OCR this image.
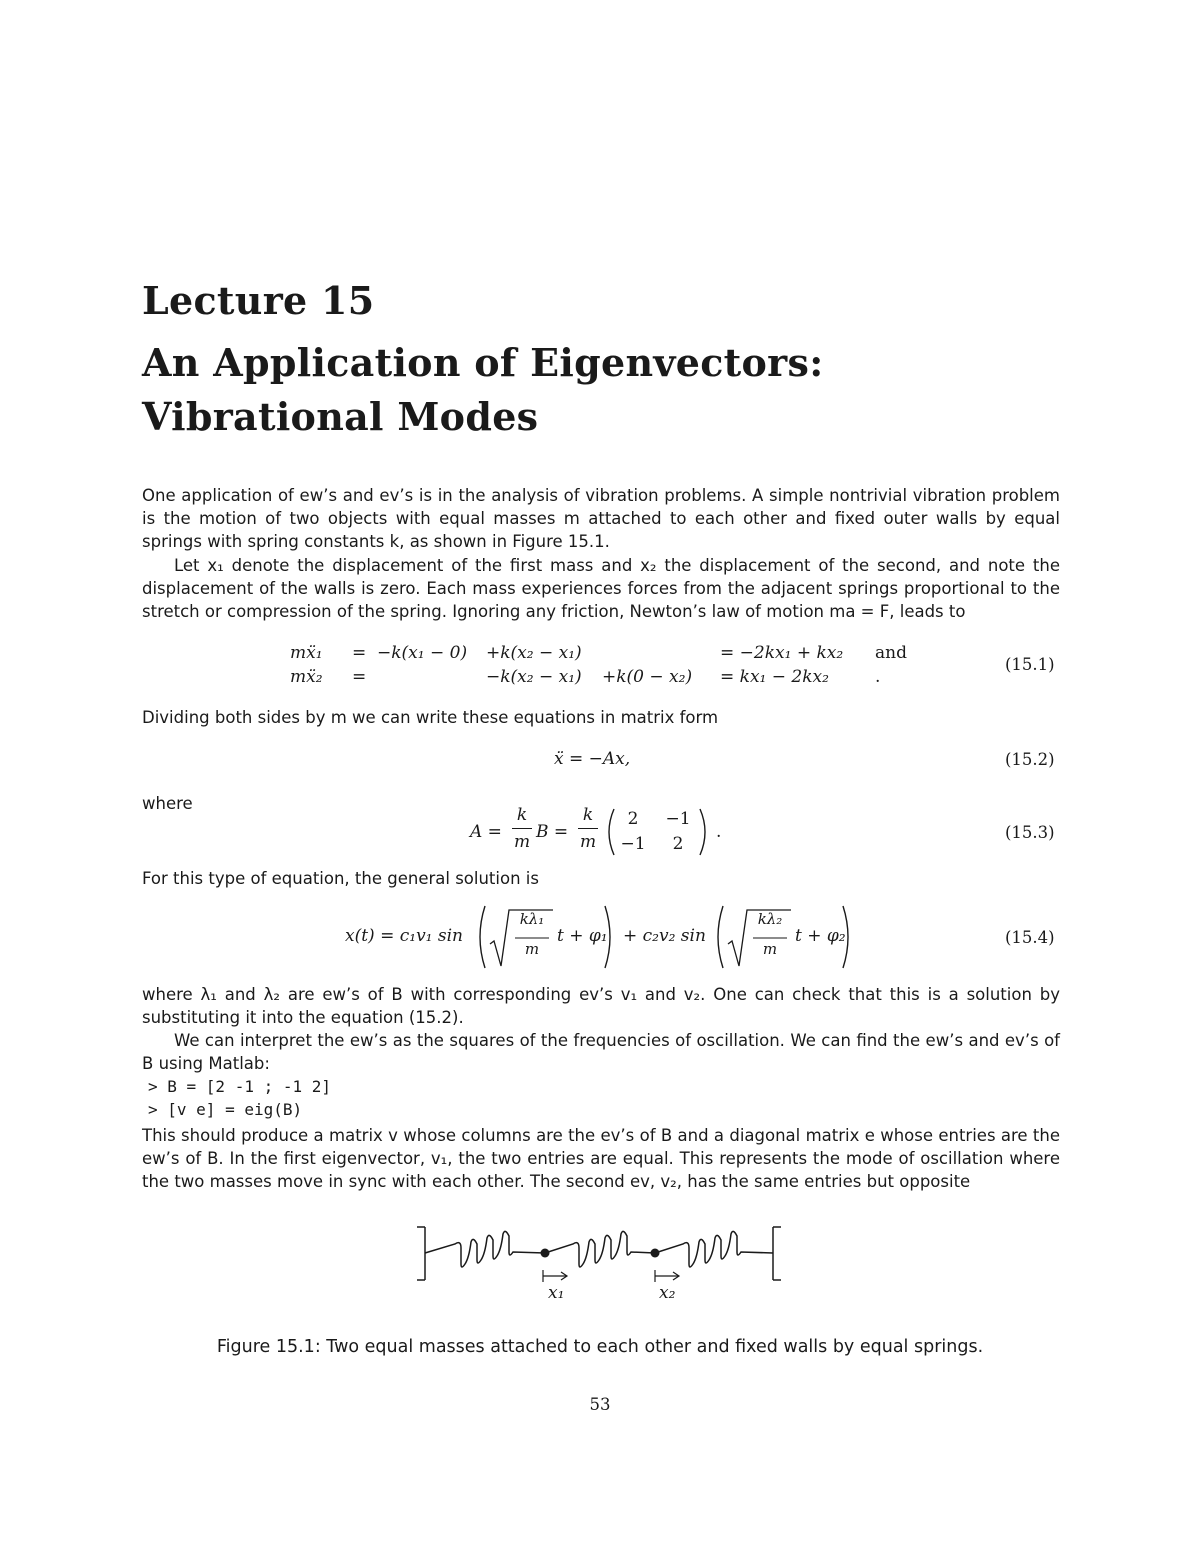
Lecture 15
An Application of Eigenvectors: Vibrational Modes
One application of ew’s and ev’s is in the analysis of vibration problems. A simple nontrivial vibration problem is the motion of two objects with equal masses m attached to each other and fixed outer walls by equal springs with spring constants k, as shown in Figure 15.1.
Let x₁ denote the displacement of the first mass and x₂ the displacement of the second, and note the displacement of the walls is zero. Each mass experiences forces from the adjacent springs proportional to the stretch or compression of the spring. Ignoring any friction, Newton’s law of motion ma = F, leads to
mẍ₁ = −k(x₁ − 0) +k(x₂ − x₁)	= −2kx₁ + kx₂ and
mẍ₂ =	−k(x₂ − x₁) +k(0 − x₂) = kx₁ − 2kx₂	.
(15.1)
Dividing both sides by m we can write these equations in matrix form
ẍ = −Ax,	(15.2)
where
A =
k
m B =
k
m
2	−1
−1	2
.	(15.3)
For this type of equation, the general solution is
x(t) = c₁v₁ sin
kλ₁
m
t + φ₁ + c₂v₂ sin
kλ₂
m
t + φ₂	(15.4)
where λ₁ and λ₂ are ew’s of B with corresponding ev’s v₁ and v₂. One can check that this is a solution by substituting it into the equation (15.2).
We can interpret the ew’s as the squares of the frequencies of oscillation. We can find the ew’s and ev’s of B using Matlab:
> B = [2 -1 ; -1 2]
> [v e] = eig(B)
This should produce a matrix v whose columns are the ev’s of B and a diagonal matrix e whose entries are the ew’s of B. In the first eigenvector, v₁, the two entries are equal. This represents the mode of oscillation where the two masses move in sync with each other. The second ev, v₂, has the same entries but opposite
x₁	x₂
Figure 15.1: Two equal masses attached to each other and fixed walls by equal springs.
53
